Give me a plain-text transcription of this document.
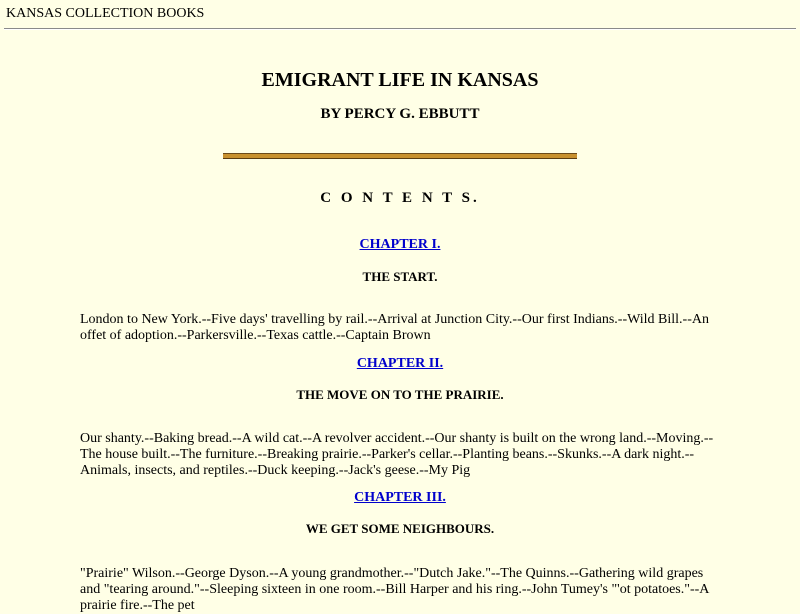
KANSAS COLLECTION BOOKS
EMIGRANT LIFE IN KANSAS
BY PERCY G. EBBUTT
C O N T E N T S.
CHAPTER I.
THE START.
London to New York.--Five days' travelling by rail.--Arrival at Junction City.--Our first Indians.--Wild Bill.--An offet of adoption.--Parkersville.--Texas cattle.--Captain Brown
CHAPTER II.
THE MOVE ON TO THE PRAIRIE.
Our shanty.--Baking bread.--A wild cat.--A revolver accident.--Our shanty is built on the wrong land.--Moving.--The house built.--The furniture.--Breaking prairie.--Parker's cellar.--Planting beans.--Skunks.--A dark night.--Animals, insects, and reptiles.--Duck keeping.--Jack's geese.--My Pig
CHAPTER III.
WE GET SOME NEIGHBOURS.
"Prairie" Wilson.--George Dyson.--A young grandmother.--"Dutch Jake."--The Quinns.--Gathering wild grapes and "tearing around."--Sleeping sixteen in one room.--Bill Harper and his ring.--John Tumey's "'ot potatoes."--A prairie fire.--The pet
